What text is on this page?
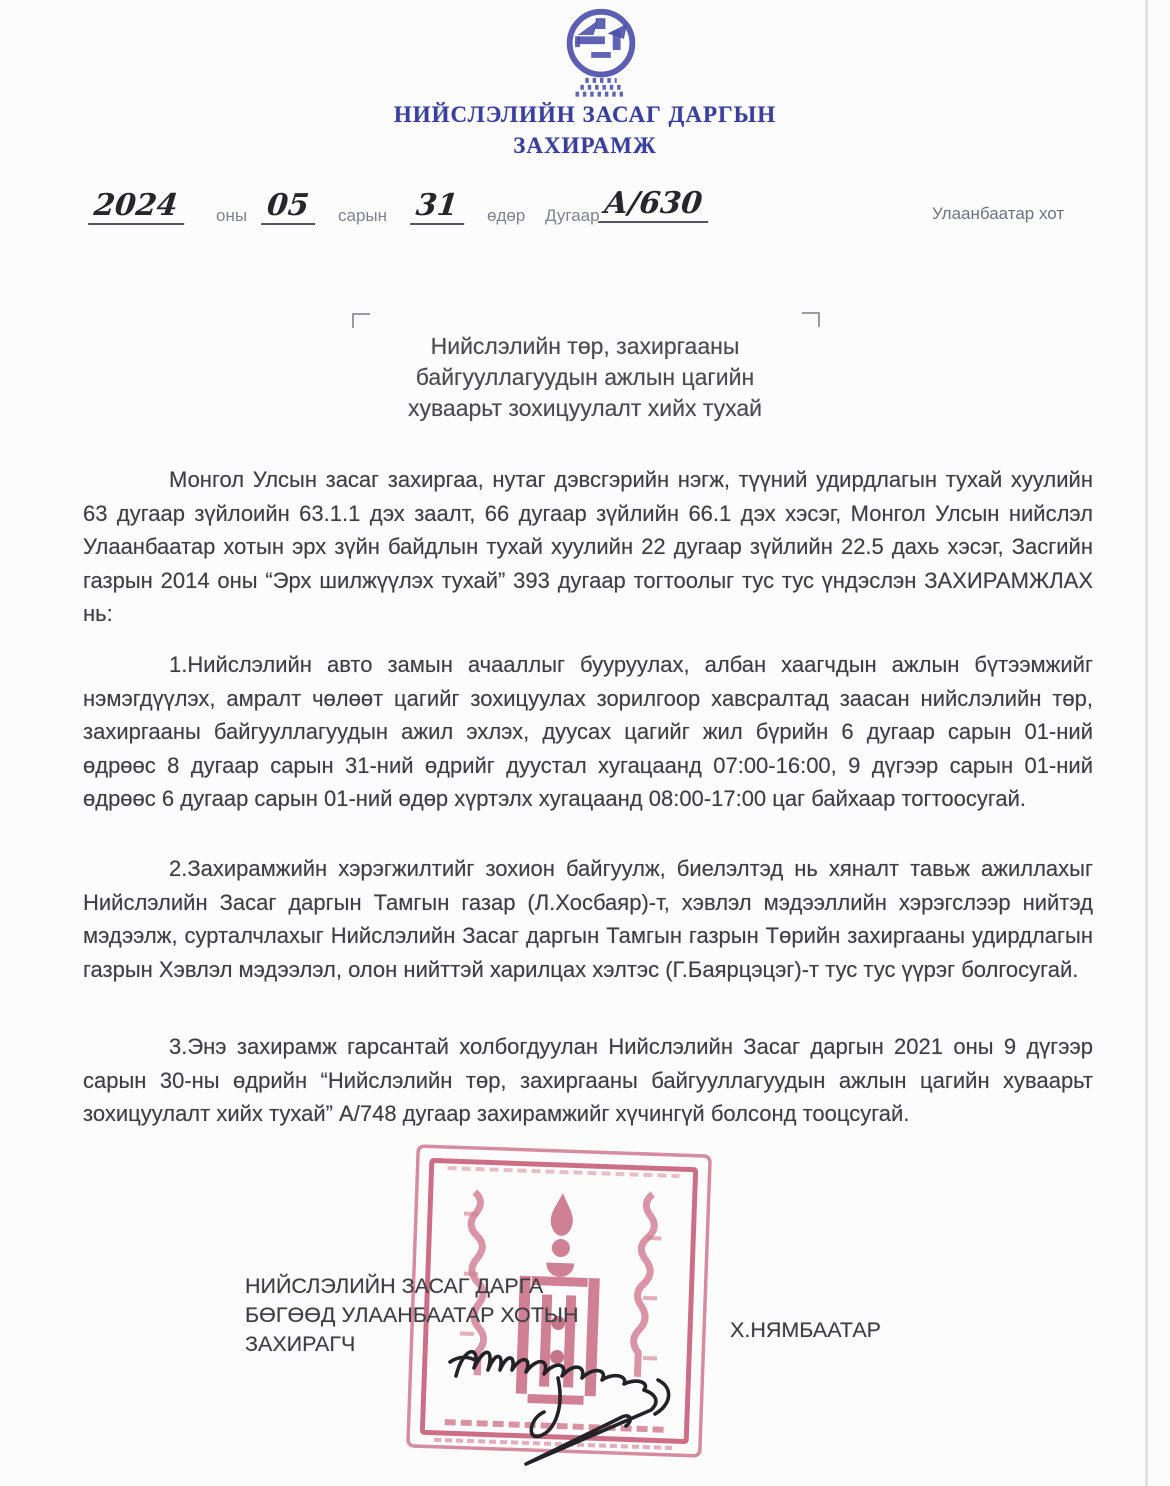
НИЙСЛЭЛИЙН ЗАСАГ ДАРГЫН
ЗАХИРАМЖ
2024	оны 05	сарын 31	өдөр Дугаар А/630	Улаанбаатар хот
Нийслэлийн төр, захиргааны
байгууллагуудын ажлын цагийн
хуваарьт зохицуулалт хийх тухай
Монгол Улсын засаг захиргаа, нутаг дэвсгэрийн нэгж, түүний удирдлагын тухай хуулийн 63 дугаар зүйлоийн 63.1.1 дэх заалт, 66 дугаар зүйлийн 66.1 дэх хэсэг, Монгол Улсын нийслэл Улаанбаатар хотын эрх зүйн байдлын тухай хуулийн 22 дугаар зүйлийн 22.5 дахь хэсэг, Засгийн газрын 2014 оны “Эрх шилжүүлэх тухай” 393 дугаар тогтоолыг тус тус үндэслэн ЗАХИРАМЖЛАХ нь:
1.Нийслэлийн авто замын ачааллыг бууруулах, албан хаагчдын ажлын бүтээмжийг нэмэгдүүлэх, амралт чөлөөт цагийг зохицуулах зорилгоор хавсралтад заасан нийслэлийн төр, захиргааны байгууллагуудын ажил эхлэх, дуусах цагийг жил бүрийн 6 дугаар сарын 01-ний өдрөөс 8 дугаар сарын 31-ний өдрийг дуустал хугацаанд 07:00-16:00, 9 дүгээр сарын 01-ний өдрөөс 6 дугаар сарын 01-ний өдөр хүртэлх хугацаанд 08:00-17:00 цаг байхаар тогтоосугай.
2.Захирамжийн хэрэгжилтийг зохион байгуулж, биелэлтэд нь хяналт тавьж ажиллахыг Нийслэлийн Засаг даргын Тамгын газар (Л.Хосбаяр)-т, хэвлэл мэдээллийн хэрэгслээр нийтэд мэдээлж, сурталчлахыг Нийслэлийн Засаг даргын Тамгын газрын Төрийн захиргааны удирдлагын газрын Хэвлэл мэдээлэл, олон нийттэй харилцах хэлтэс (Г.Баярцэцэг)-т тус тус үүрэг болгосугай.
3.Энэ захирамж гарсантай холбогдуулан Нийслэлийн Засаг даргын 2021 оны 9 дүгээр сарын 30-ны өдрийн “Нийслэлийн төр, захиргааны байгууллагуудын ажлын цагийн хуваарьт зохицуулалт хийх тухай” А/748 дугаар захирамжийг хүчингүй болсонд тооцсугай.
НИЙСЛЭЛИЙН ЗАСАГ ДАРГА
БӨГӨӨД УЛААНБААТАР ХОТЫН
ЗАХИРАГЧ
Х.НЯМБААТАР
